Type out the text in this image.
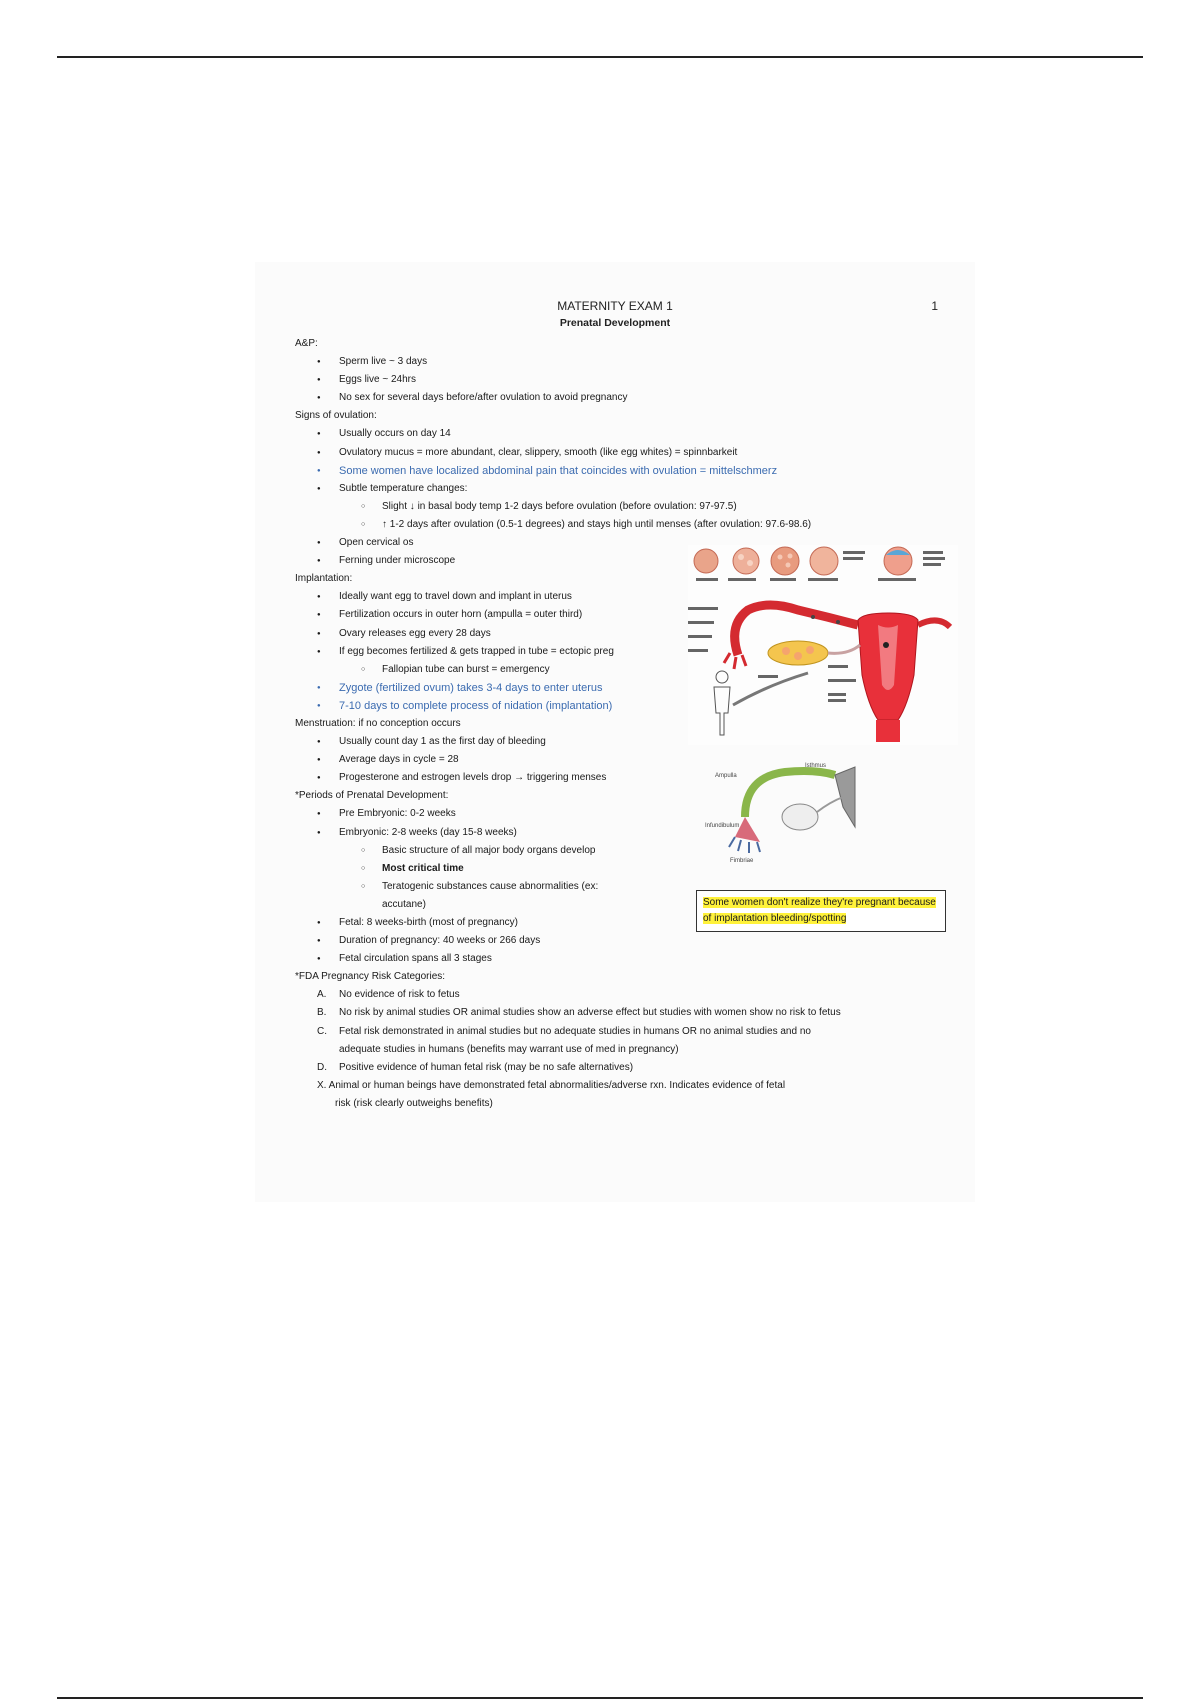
MATERNITY EXAM 1	1
Prenatal Development
A&P:
● Sperm live ~ 3 days
● Eggs live ~ 24hrs
● No sex for several days before/after ovulation to avoid pregnancy
Signs of ovulation:
● Usually occurs on day 14
● Ovulatory mucus = more abundant, clear, slippery, smooth (like egg whites) = spinnbarkeit
● Some women have localized abdominal pain that coincides with ovulation = mittelschmerz
● Subtle temperature changes:
○ Slight ↓ in basal body temp 1-2 days before ovulation (before ovulation: 97-97.5)
○ ↑ 1-2 days after ovulation (0.5-1 degrees) and stays high until menses (after ovulation: 97.6-98.6)
● Open cervical os
● Ferning under microscope
Implantation:
● Ideally want egg to travel down and implant in uterus
● Fertilization occurs in outer horn (ampulla = outer third)
● Ovary releases egg every 28 days
● If egg becomes fertilized & gets trapped in tube = ectopic preg
○ Fallopian tube can burst = emergency
● Zygote (fertilized ovum) takes 3-4 days to enter uterus
● 7-10 days to complete process of nidation (implantation)
Menstruation: if no conception occurs
● Usually count day 1 as the first day of bleeding
● Average days in cycle = 28
● Progesterone and estrogen levels drop → triggering menses
*Periods of Prenatal Development:
● Pre Embryonic: 0-2 weeks
● Embryonic: 2-8 weeks (day 15-8 weeks)
○ Basic structure of all major body organs develop
○ Most critical time
○ Teratogenic substances cause abnormalities (ex:
accutane)
● Fetal: 8 weeks-birth (most of pregnancy)
● Duration of pregnancy: 40 weeks or 266 days
● Fetal circulation spans all 3 stages
*FDA Pregnancy Risk Categories:
A. No evidence of risk to fetus
B. No risk by animal studies OR animal studies show an adverse effect but studies with women show no risk to fetus
C. Fetal risk demonstrated in animal studies but no adequate studies in humans OR no animal studies and no
adequate studies in humans (benefits may warrant use of med in pregnancy)
D. Positive evidence of human fetal risk (may be no safe alternatives)
X. Animal or human beings have demonstrated fetal abnormalities/adverse rxn. Indicates evidence of fetal
risk (risk clearly outweighs benefits)
Ampulla
Isthmus
Infundibulum
Fimbriae
Some women don't realize they're pregnant because of implantation bleeding/spotting
